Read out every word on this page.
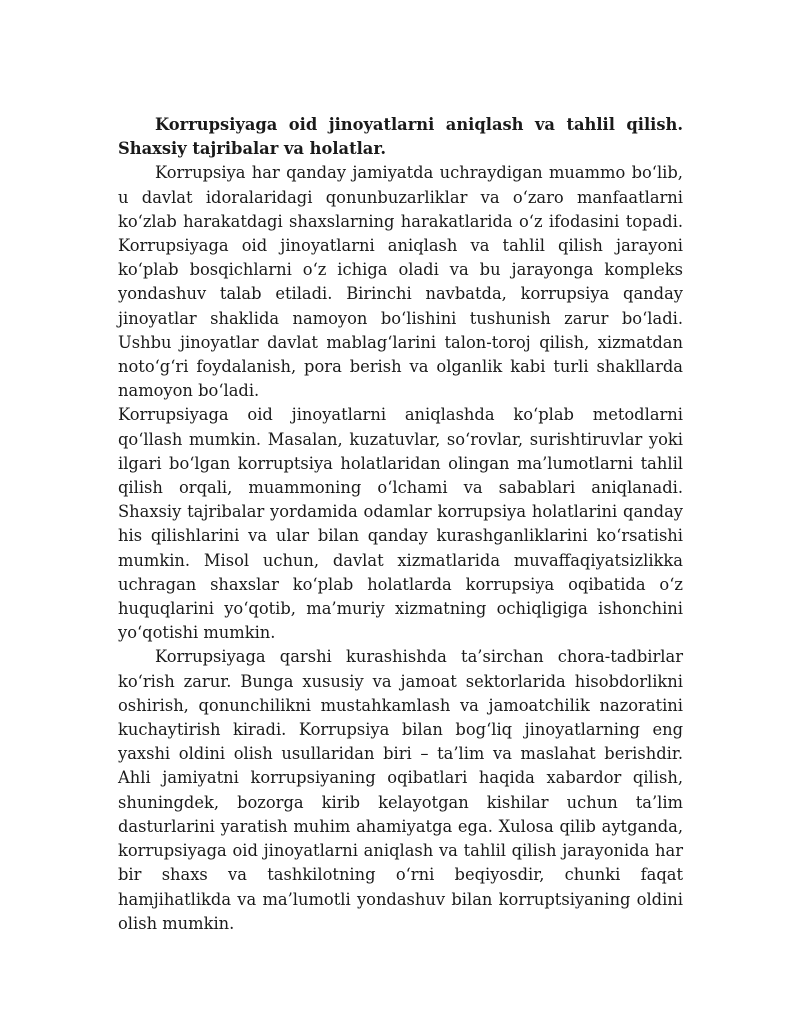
Korrupsiyaga oid jinoyatlarni aniqlash va tahlil qilish. Shaxsiy tajribalar va holatlar.

Korrupsiya har qanday jamiyatda uchraydigan muammo bo‘lib, u davlat idoralaridagi qonunbuzarliklar va o‘zaro manfaatlarni ko‘zlab harakatdagi shaxslarning harakatlarida o‘z ifodasini topadi. Korrupsiyaga oid jinoyatlarni aniqlash va tahlil qilish jarayoni ko‘plab bosqichlarni o‘z ichiga oladi va bu jarayonga kompleks yondashuv talab etiladi. Birinchi navbatda, korrupsiya qanday jinoyatlar shaklida namoyon bo‘lishini tushunish zarur bo‘ladi. Ushbu jinoyatlar davlat mablag‘larini talon-toroj qilish, xizmatdan noto‘g‘ri foydalanish, pora berish va olganlik kabi turli shakllarda namoyon bo‘ladi.

Korrupsiyaga oid jinoyatlarni aniqlashda ko‘plab metodlarni qo‘llash mumkin. Masalan, kuzatuvlar, so‘rovlar, surishtiruvlar yoki ilgari bo‘lgan korruptsiya holatlaridan olingan ma’lumotlarni tahlil qilish orqali, muammoning o‘lchami va sabablari aniqlanadi. Shaxsiy tajribalar yordamida odamlar korrupsiya holatlarini qanday his qilishlarini va ular bilan qanday kurashganliklarini ko‘rsatishi mumkin. Misol uchun, davlat xizmatlarida muvaffaqiyatsizlikka uchragan shaxslar ko‘plab holatlarda korrupsiya oqibatida o‘z huquqlarini yo‘qotib, ma’muriy xizmatning ochiqligiga ishonchini yo‘qotishi mumkin.

Korrupsiyaga qarshi kurashishda ta’sirchan chora-tadbirlar ko‘rish zarur. Bunga xususiy va jamoat sektorlarida hisobdorlikni oshirish, qonunchilikni mustahkamlash va jamoatchilik nazoratini kuchaytirish kiradi. Korrupsiya bilan bog‘liq jinoyatlarning eng yaxshi oldini olish usullaridan biri – ta’lim va maslahat berishdir. Ahli jamiyatni korrupsiyaning oqibatlari haqida xabardor qilish, shuningdek, bozorga kirib kelayotgan kishilar uchun ta’lim dasturlarini yaratish muhim ahamiyatga ega. Xulosa qilib aytganda, korrupsiyaga oid jinoyatlarni aniqlash va tahlil qilish jarayonida har bir shaxs va tashkilotning o‘rni beqiyosdir, chunki faqat hamjihatlikda va ma’lumotli yondashuv bilan korruptsiyaning oldini olish mumkin.
